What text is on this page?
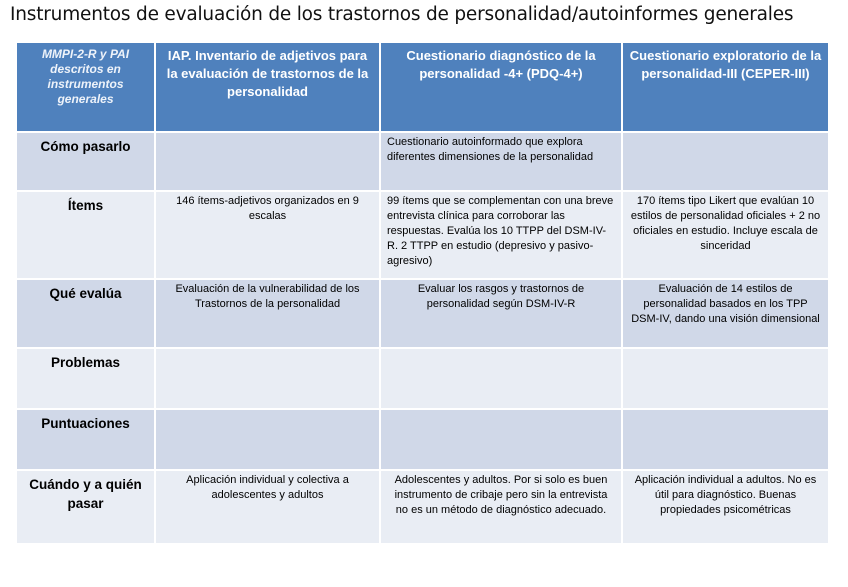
Instrumentos de evaluación de los trastornos de personalidad/autoinformes generales
MMPI-2-R y PAI descritos en instrumentos generales	IAP. Inventario de adjetivos para la evaluación de trastornos de la personalidad	Cuestionario diagnóstico de la personalidad -4+ (PDQ-4+)	Cuestionario exploratorio de la personalidad-III (CEPER-III)
Cómo pasarlo		Cuestionario autoinformado que explora diferentes dimensiones de la personalidad	
Ítems	146 ítems-adjetivos organizados en 9 escalas	99 ítems que se complementan con una breve entrevista clínica para corroborar las respuestas. Evalúa los 10 TTPP del DSM-IV-R. 2 TTPP en estudio (depresivo y pasivo-agresivo)	170 ítems tipo Likert que evalúan 10 estilos de personalidad oficiales + 2 no oficiales en estudio. Incluye escala de sinceridad
Qué evalúa	Evaluación de la vulnerabilidad de los Trastornos de la personalidad	Evaluar los rasgos y trastornos de personalidad según DSM-IV-R	Evaluación de 14 estilos de personalidad basados en los TPP DSM-IV, dando una visión dimensional
Problemas			
Puntuaciones			
Cuándo y a quién pasar	Aplicación individual y colectiva a adolescentes y adultos	Adolescentes y adultos. Por si solo es buen instrumento de cribaje pero sin la entrevista no es un método de diagnóstico adecuado.	Aplicación individual a adultos. No es útil para diagnóstico. Buenas propiedades psicométricas
